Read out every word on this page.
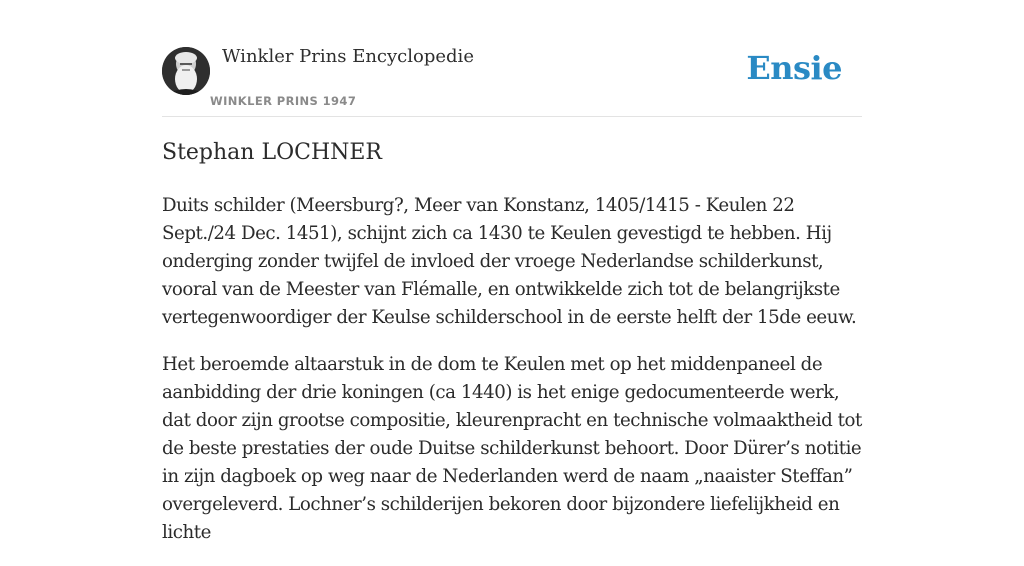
Winkler Prins Encyclopedie
WINKLER PRINS 1947
Ensie
Stephan LOCHNER

Duits schilder (Meersburg?, Meer van Konstanz, 1405/1415 - Keulen 22 Sept./24 Dec. 1451), schijnt zich ca 1430 te Keulen gevestigd te hebben. Hij onderging zonder twijfel de invloed der vroege Nederlandse schilderkunst, vooral van de Meester van Flémalle, en ontwikkelde zich tot de belangrijkste vertegenwoordiger der Keulse schilderschool in de eerste helft der 15de eeuw.

Het beroemde altaarstuk in de dom te Keulen met op het middenpaneel de aanbidding der drie koningen (ca 1440) is het enige gedocumenteerde werk, dat door zijn grootse compositie, kleurenpracht en technische volmaaktheid tot de beste prestaties der oude Duitse schilderkunst behoort. Door Dürer’s notitie in zijn dagboek op weg naar de Nederlanden werd de naam „naaister Steffan” overgeleverd. Lochner’s schilderijen bekoren door bijzondere liefelijkheid en lichte
